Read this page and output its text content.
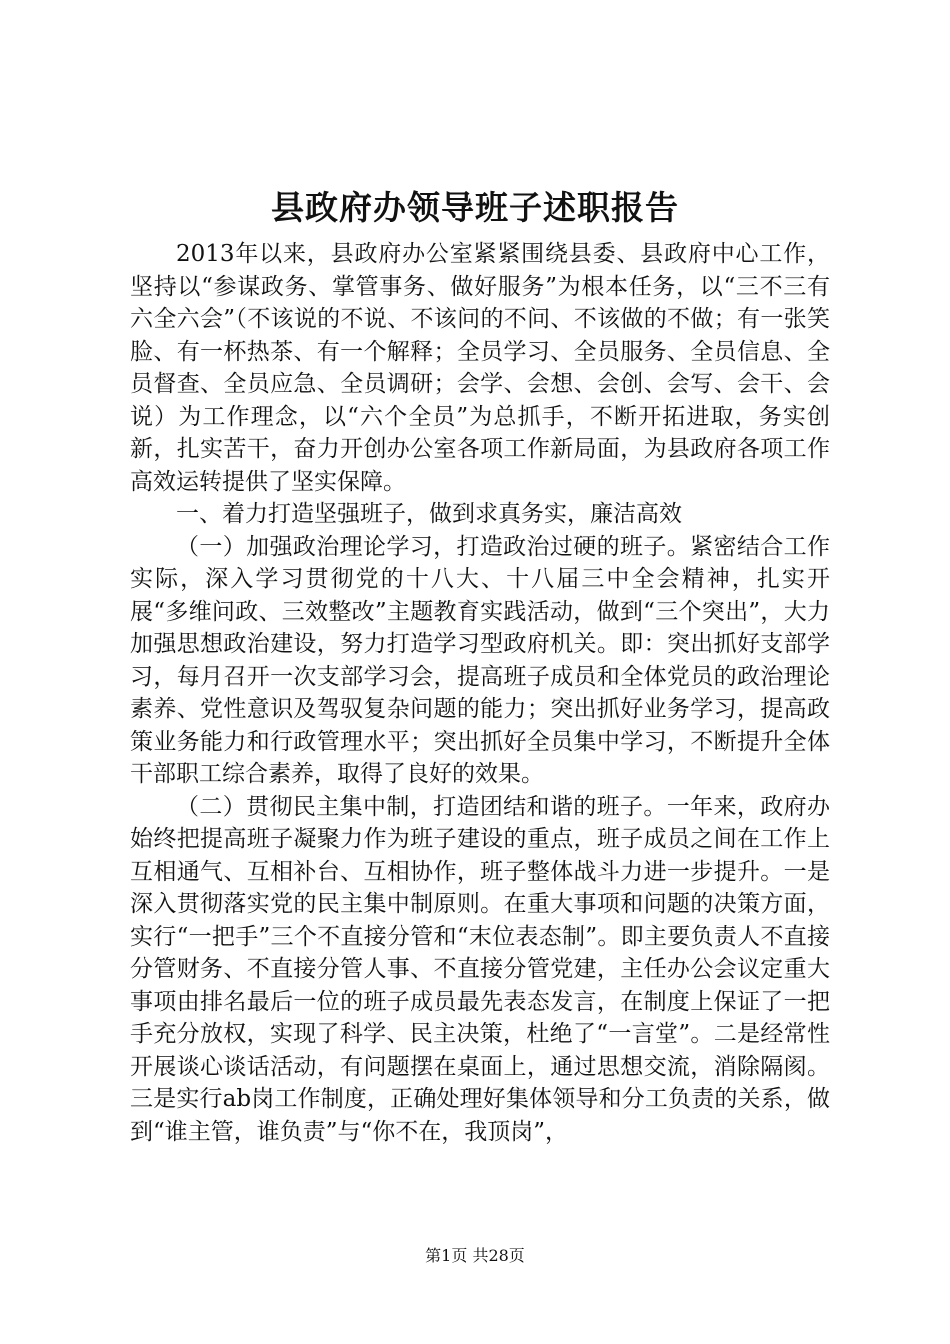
县政府办领导班子述职报告

2013年以来，县政府办公室紧紧围绕县委、县政府中心工作，坚持以“参谋政务、掌管事务、做好服务”为根本任务，以“三不三有六全六会”（不该说的不说、不该问的不问、不该做的不做；有一张笑脸、有一杯热茶、有一个解释；全员学习、全员服务、全员信息、全员督查、全员应急、全员调研；会学、会想、会创、会写、会干、会说）为工作理念，以“六个全员”为总抓手，不断开拓进取，务实创新，扎实苦干，奋力开创办公室各项工作新局面，为县政府各项工作高效运转提供了坚实保障。

一、着力打造坚强班子，做到求真务实，廉洁高效

（一）加强政治理论学习，打造政治过硬的班子。紧密结合工作实际，深入学习贯彻党的十八大、十八届三中全会精神，扎实开展“多维问政、三效整改”主题教育实践活动，做到“三个突出”，大力加强思想政治建设，努力打造学习型政府机关。即：突出抓好支部学习，每月召开一次支部学习会，提高班子成员和全体党员的政治理论素养、党性意识及驾驭复杂问题的能力；突出抓好业务学习，提高政策业务能力和行政管理水平；突出抓好全员集中学习，不断提升全体干部职工综合素养，取得了良好的效果。

（二）贯彻民主集中制，打造团结和谐的班子。一年来，政府办始终把提高班子凝聚力作为班子建设的重点，班子成员之间在工作上互相通气、互相补台、互相协作，班子整体战斗力进一步提升。一是深入贯彻落实党的民主集中制原则。在重大事项和问题的决策方面，实行“一把手”三个不直接分管和“末位表态制”。即主要负责人不直接分管财务、不直接分管人事、不直接分管党建，主任办公会议定重大事项由排名最后一位的班子成员最先表态发言，在制度上保证了一把手充分放权，实现了科学、民主决策，杜绝了“一言堂”。二是经常性开展谈心谈话活动，有问题摆在桌面上，通过思想交流，消除隔阂。三是实行ab岗工作制度，正确处理好集体领导和分工负责的关系，做到“谁主管，谁负责”与“你不在，我顶岗”，

第1页 共28页
